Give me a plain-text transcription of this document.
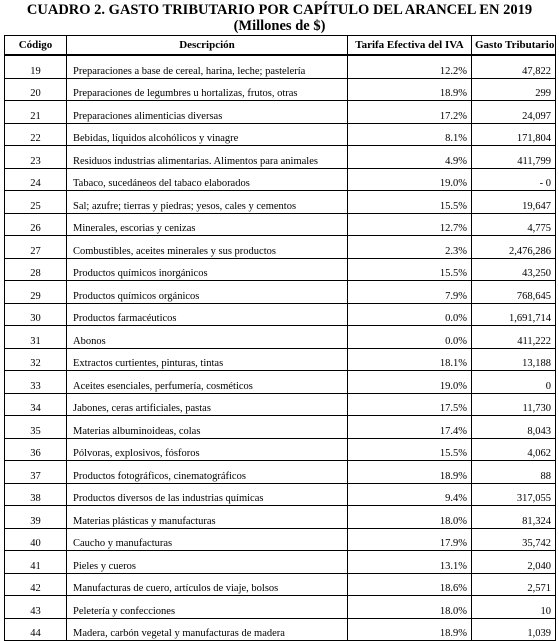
CUADRO 2. GASTO TRIBUTARIO POR CAPÍTULO DEL ARANCEL EN 2019
(Millones de $)
Código	Descripción	Tarifa Efectiva del IVA	Gasto Tributario
19	Preparaciones a base de cereal, harina, leche; pastelería	12.2%	47,822
20	Preparaciones de legumbres u hortalizas, frutos, otras	18.9%	299
21	Preparaciones alimenticias diversas	17.2%	24,097
22	Bebidas, líquidos alcohólicos y vinagre	8.1%	171,804
23	Residuos industrias alimentarias. Alimentos para animales	4.9%	411,799
24	Tabaco, sucedáneos del tabaco elaborados	19.0%	- 0
25	Sal; azufre; tierras y piedras; yesos, cales y cementos	15.5%	19,647
26	Minerales, escorias y cenizas	12.7%	4,775
27	Combustibles, aceites minerales y sus productos	2.3%	2,476,286
28	Productos químicos inorgánicos	15.5%	43,250
29	Productos químicos orgánicos	7.9%	768,645
30	Productos farmacéuticos	0.0%	1,691,714
31	Abonos	0.0%	411,222
32	Extractos curtientes, pinturas, tintas	18.1%	13,188
33	Aceites esenciales, perfumería, cosméticos	19.0%	0
34	Jabones, ceras artificiales, pastas	17.5%	11,730
35	Materias albuminoideas, colas	17.4%	8,043
36	Pólvoras, explosivos, fósforos	15.5%	4,062
37	Productos fotográficos, cinematográficos	18.9%	88
38	Productos diversos de las industrias químicas	9.4%	317,055
39	Materias plásticas y manufacturas	18.0%	81,324
40	Caucho y manufacturas	17.9%	35,742
41	Pieles y cueros	13.1%	2,040
42	Manufacturas de cuero, artículos de viaje, bolsos	18.6%	2,571
43	Peletería y confecciones	18.0%	10
44	Madera, carbón vegetal y manufacturas de madera	18.9%	1,039
